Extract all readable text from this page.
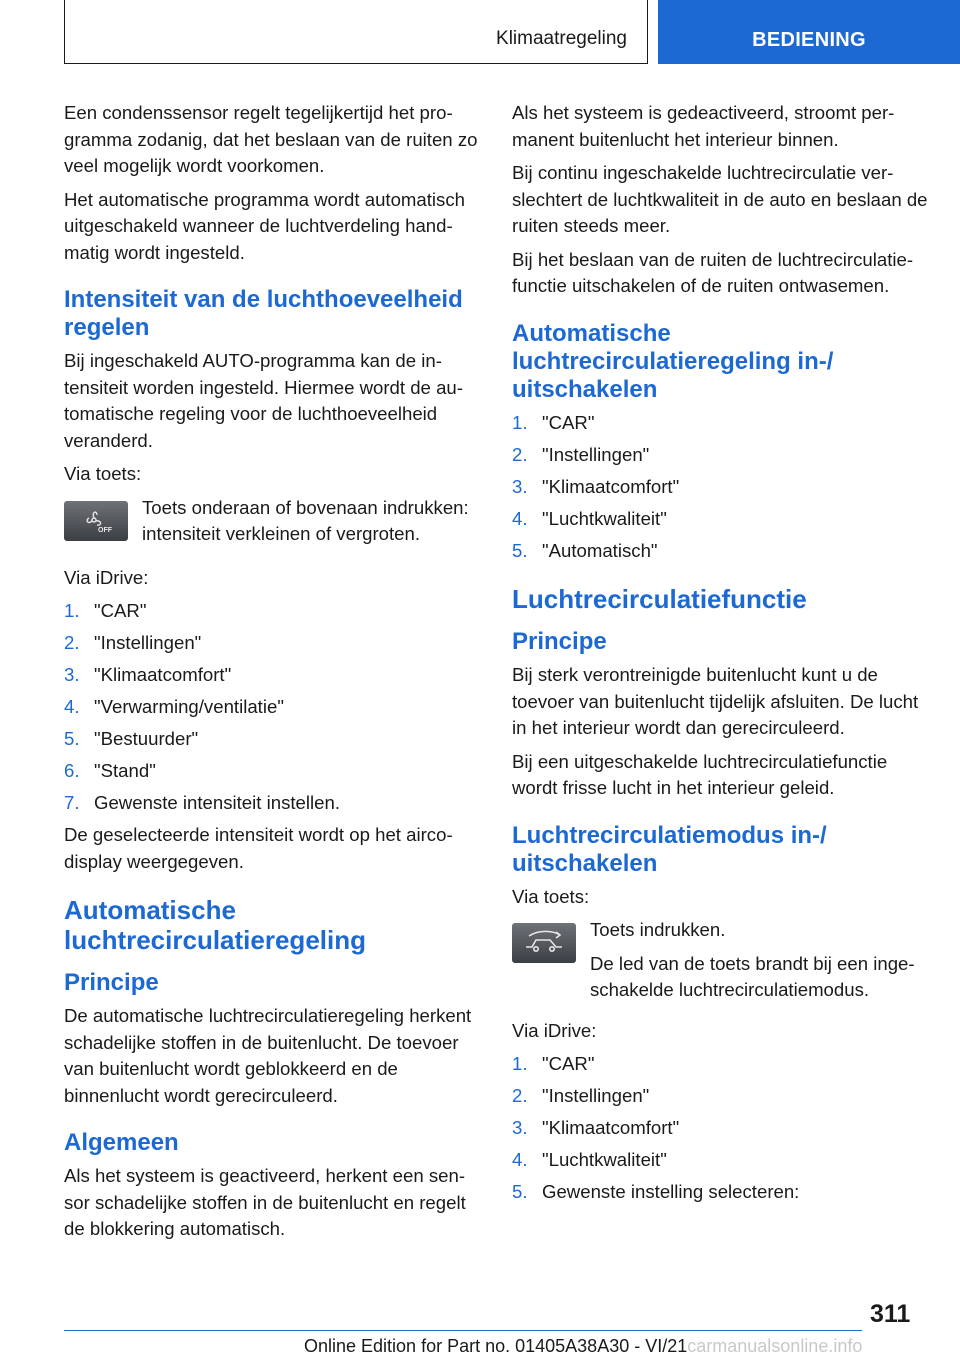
Klimaatregeling	BEDIENING

Een condenssensor regelt tegelijkertijd het programma zodanig, dat het beslaan van de ruiten zo veel mogelijk wordt voorkomen.

Het automatische programma wordt automatisch uitgeschakeld wanneer de luchtverdeling handmatig wordt ingesteld.

Intensiteit van de luchthoeveelheid regelen

Bij ingeschakeld AUTO-programma kan de intensiteit worden ingesteld. Hiermee wordt de automatische regeling voor de luchthoeveelheid veranderd.

Via toets:

OFF

Toets onderaan of bovenaan indrukken: intensiteit verkleinen of vergroten.

Via iDrive:

1. "CAR"
2. "Instellingen"
3. "Klimaatcomfort"
4. "Verwarming/ventilatie"
5. "Bestuurder"
6. "Stand"
7. Gewenste intensiteit instellen.

De geselecteerde intensiteit wordt op het aircodisplay weergegeven.

Automatische luchtrecirculatieregeling
Principe

De automatische luchtrecirculatieregeling herkent schadelijke stoffen in de buitenlucht. De toevoer van buitenlucht wordt geblokkeerd en de binnenlucht wordt gerecirculeerd.

Algemeen

Als het systeem is geactiveerd, herkent een sensor schadelijke stoffen in de buitenlucht en regelt de blokkering automatisch.

Als het systeem is gedeactiveerd, stroomt permanent buitenlucht het interieur binnen.

Bij continu ingeschakelde luchtrecirculatie verslechtert de luchtkwaliteit in de auto en beslaan de ruiten steeds meer.

Bij het beslaan van de ruiten de luchtrecirculatiefunctie uitschakelen of de ruiten ontwasemen.

Automatische luchtrecirculatieregeling in-/ uitschakelen
1. "CAR"
2. "Instellingen"
3. "Klimaatcomfort"
4. "Luchtkwaliteit"
5. "Automatisch"
Luchtrecirculatiefunctie
Principe

Bij sterk verontreinigde buitenlucht kunt u de toevoer van buitenlucht tijdelijk afsluiten. De lucht in het interieur wordt dan gerecirculeerd.

Bij een uitgeschakelde luchtrecirculatiefunctie wordt frisse lucht in het interieur geleid.

Luchtrecirculatiemodus in-/ uitschakelen

Via toets:

Toets indrukken.

De led van de toets brandt bij een ingeschakelde luchtrecirculatiemodus.

Via iDrive:

1. "CAR"
2. "Instellingen"
3. "Klimaatcomfort"
4. "Luchtkwaliteit"
5. Gewenste instelling selecteren:
311
Online Edition for Part no. 01405A38A30 - VI/21carmanualsonline.info
